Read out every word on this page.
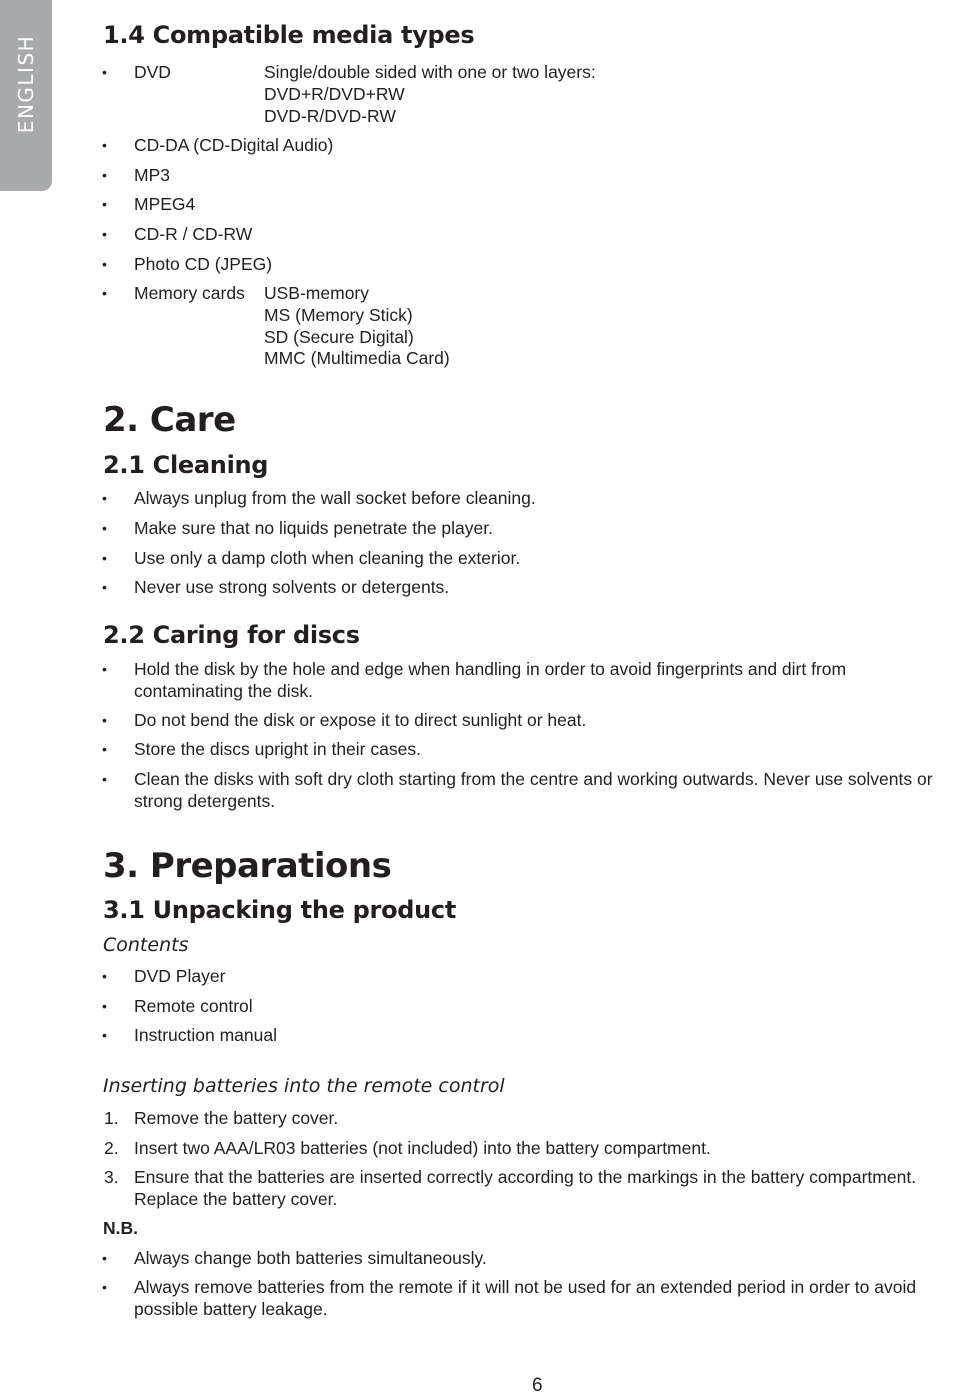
ENGLISH	1.4 Compatible media types
• DVD	Single/double sided with one or two layers:
DVD+R/DVD+RW
DVD-R/DVD-RW
• CD-DA (CD-Digital Audio)
• MP3
• MPEG4
• CD-R / CD-RW
• Photo CD (JPEG)
• Memory cards USB-memory
MS (Memory Stick)
SD (Secure Digital)
MMC (Multimedia Card)
2. Care
2.1 Cleaning
• Always unplug from the wall socket before cleaning.
• Make sure that no liquids penetrate the player.
• Use only a damp cloth when cleaning the exterior.
• Never use strong solvents or detergents.
2.2 Caring for discs
• Hold the disk by the hole and edge when handling in order to avoid fingerprints and dirt from
contaminating the disk.
• Do not bend the disk or expose it to direct sunlight or heat.
• Store the discs upright in their cases.
• Clean the disks with soft dry cloth starting from the centre and working outwards. Never use solvents or
strong detergents.
3. Preparations
3.1 Unpacking the product

Contents

• DVD Player
• Remote control
• Instruction manual

Inserting batteries into the remote control

1. Remove the battery cover.
2. Insert two AAA/LR03 batteries (not included) into the battery compartment.
3. Ensure that the batteries are inserted correctly according to the markings in the battery compartment.
Replace the battery cover.
N.B.
• Always change both batteries simultaneously.
• Always remove batteries from the remote if it will not be used for an extended period in order to avoid
possible battery leakage.
6
